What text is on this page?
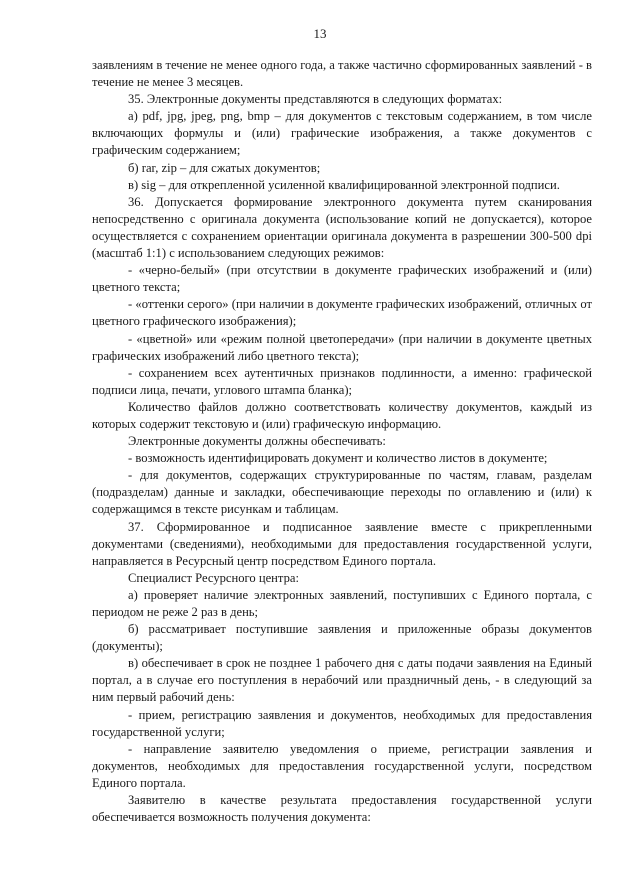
13

заявлениям в течение не менее одного года, а также частично сформированных заявлений - в течение не менее 3 месяцев.

35. Электронные документы представляются в следующих форматах:

а) pdf, jpg, jpeg, png, bmp – для документов с текстовым содержанием, в том числе включающих формулы и (или) графические изображения, а также документов с графическим содержанием;

б) rar, zip – для сжатых документов;

в) sig – для открепленной усиленной квалифицированной электронной подписи.

36. Допускается формирование электронного документа путем сканирования непосредственно с оригинала документа (использование копий не допускается), которое осуществляется с сохранением ориентации оригинала документа в разрешении 300-500 dpi (масштаб 1:1) с использованием следующих режимов:

- «черно-белый» (при отсутствии в документе графических изображений и (или) цветного текста;

- «оттенки серого» (при наличии в документе графических изображений, отличных от цветного графического изображения);

- «цветной» или «режим полной цветопередачи» (при наличии в документе цветных графических изображений либо цветного текста);

- сохранением всех аутентичных признаков подлинности, а именно: графической подписи лица, печати, углового штампа бланка);

Количество файлов должно соответствовать количеству документов, каждый из которых содержит текстовую и (или) графическую информацию.

Электронные документы должны обеспечивать:

- возможность идентифицировать документ и количество листов в документе;

- для документов, содержащих структурированные по частям, главам, разделам (подразделам) данные и закладки, обеспечивающие переходы по оглавлению и (или) к содержащимся в тексте рисункам и таблицам.

37. Сформированное и подписанное заявление вместе с прикрепленными документами (сведениями), необходимыми для предоставления государственной услуги, направляется в Ресурсный центр посредством Единого портала.

Специалист Ресурсного центра:

а) проверяет наличие электронных заявлений, поступивших с Единого портала, с периодом не реже 2 раз в день;

б) рассматривает поступившие заявления и приложенные образы документов (документы);

в) обеспечивает в срок не позднее 1 рабочего дня с даты подачи заявления на Единый портал, а в случае его поступления в нерабочий или праздничный день, - в следующий за ним первый рабочий день:

- прием, регистрацию заявления и документов, необходимых для предоставления государственной услуги;

- направление заявителю уведомления о приеме, регистрации заявления и документов, необходимых для предоставления государственной услуги, посредством Единого портала.

Заявителю в качестве результата предоставления государственной услуги обеспечивается возможность получения документа:
